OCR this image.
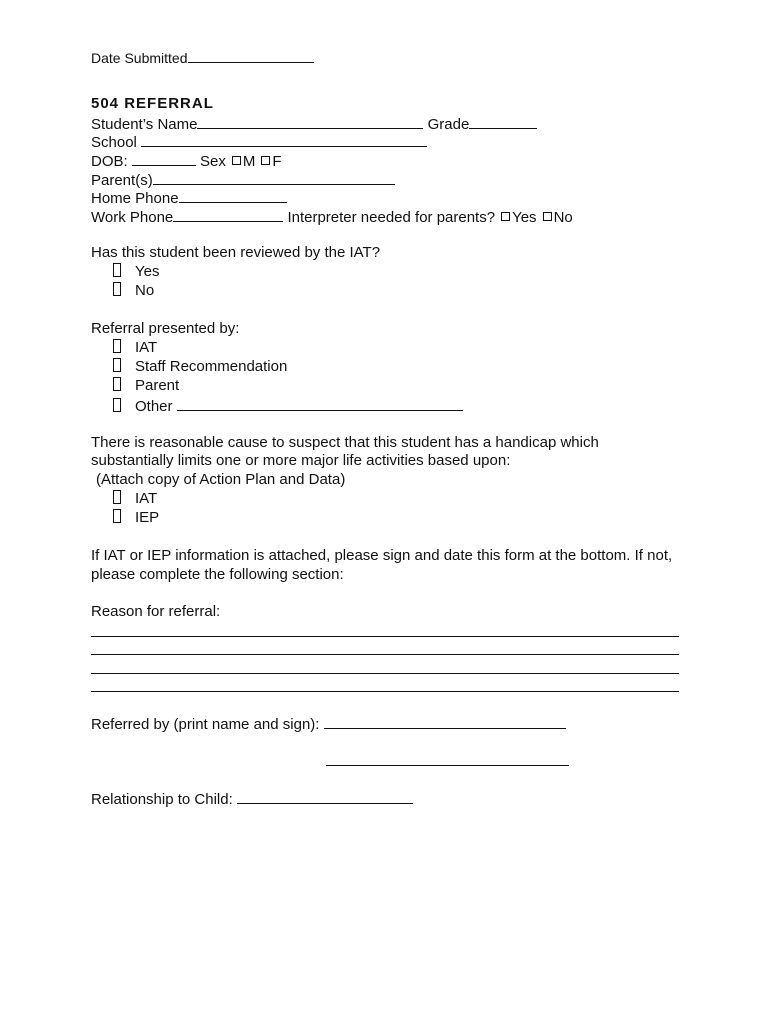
Date Submitted
504 REFERRAL
Student’s Name	Grade
School
DOB:	Sex M F
Parent(s)
Home Phone
Work Phone	Interpreter needed for parents? Yes No
Has this student been reviewed by the IAT?
Yes
No
Referral presented by:
IAT
Staff Recommendation
Parent
Other
There is reasonable cause to suspect that this student has a handicap which
substantially limits one or more major life activities based upon:
(Attach copy of Action Plan and Data)
IAT
IEP
If IAT or IEP information is attached, please sign and date this form at the bottom. If not,
please complete the following section:
Reason for referral:
Referred by (print name and sign):
Relationship to Child:
